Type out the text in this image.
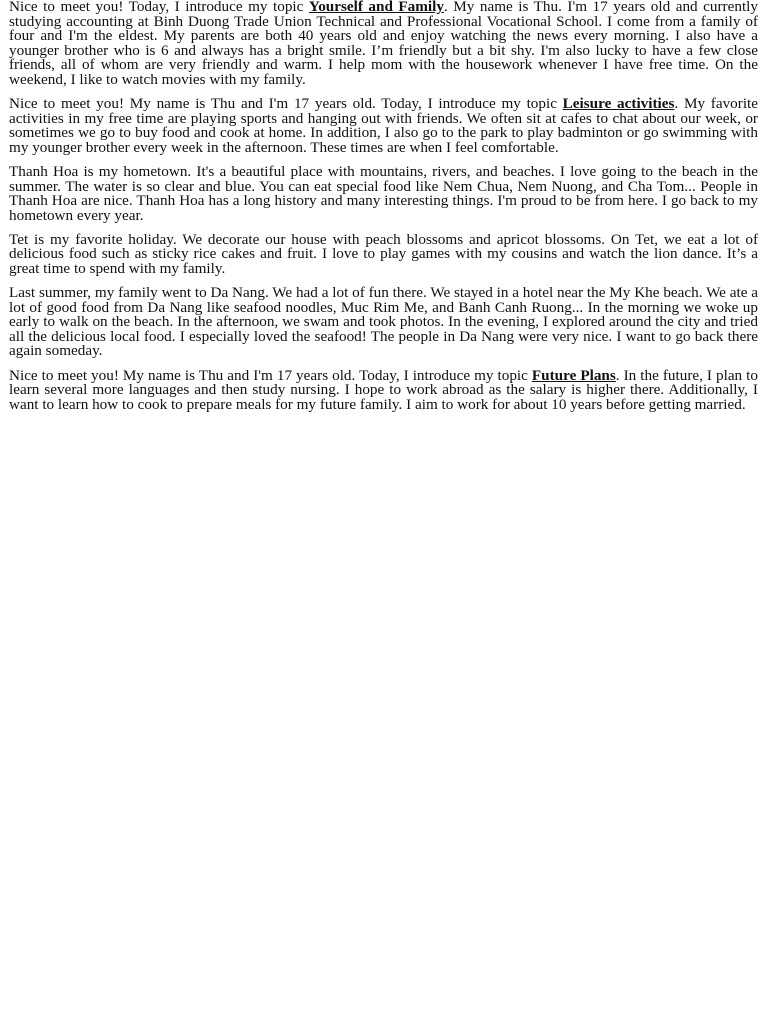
Nice to meet you! Today, I introduce my topic Yourself and Family. My name is Thu. I'm 17 years old and currently studying accounting at Binh Duong Trade Union Technical and Professional Vocational School. I come from a family of four and I'm the eldest. My parents are both 40 years old and enjoy watching the news every morning. I also have a younger brother who is 6 and always has a bright smile. I’m friendly but a bit shy. I'm also lucky to have a few close friends, all of whom are very friendly and warm. I help mom with the housework whenever I have free time. On the weekend, I like to watch movies with my family.

Nice to meet you! My name is Thu and I'm 17 years old. Today, I introduce my topic Leisure activities. My favorite activities in my free time are playing sports and hanging out with friends. We often sit at cafes to chat about our week, or sometimes we go to buy food and cook at home. In addition, I also go to the park to play badminton or go swimming with my younger brother every week in the afternoon. These times are when I feel comfortable.

Thanh Hoa is my hometown. It's a beautiful place with mountains, rivers, and beaches. I love going to the beach in the summer. The water is so clear and blue. You can eat special food like Nem Chua, Nem Nuong, and Cha Tom... People in Thanh Hoa are nice. Thanh Hoa has a long history and many interesting things. I'm proud to be from here. I go back to my hometown every year.

Tet is my favorite holiday. We decorate our house with peach blossoms and apricot blossoms. On Tet, we eat a lot of delicious food such as sticky rice cakes and fruit. I love to play games with my cousins and watch the lion dance. It’s a great time to spend with my family.

Last summer, my family went to Da Nang. We had a lot of fun there. We stayed in a hotel near the My Khe beach. We ate a lot of good food from Da Nang like seafood noodles, Muc Rim Me, and Banh Canh Ruong... In the morning we woke up early to walk on the beach. In the afternoon, we swam and took photos. In the evening, I explored around the city and tried all the delicious local food. I especially loved the seafood! The people in Da Nang were very nice. I want to go back there again someday.

Nice to meet you! My name is Thu and I'm 17 years old. Today, I introduce my topic Future Plans. In the future, I plan to learn several more languages and then study nursing. I hope to work abroad as the salary is higher there. Additionally, I want to learn how to cook to prepare meals for my future family. I aim to work for about 10 years before getting married.
